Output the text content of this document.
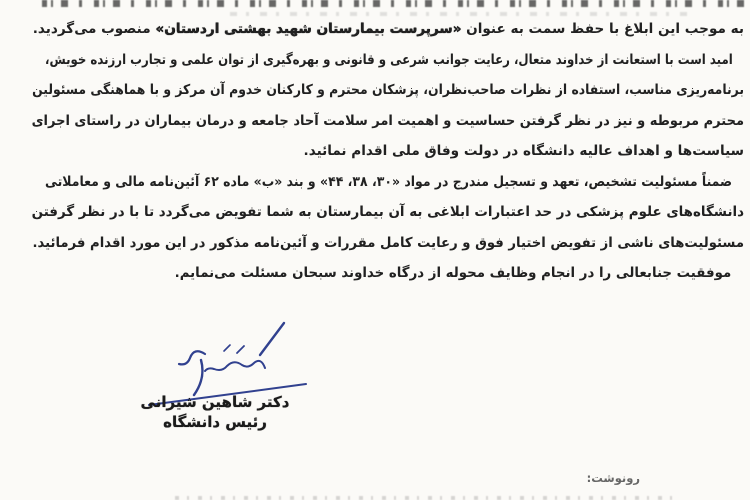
به موجب این ابلاغ با حفظ سمت به عنوان «سرپرست بیمارستان شهید بهشتی اردستان» منصوب می‌گردید.
امید است با استعانت از خداوند متعال، رعایت جوانب شرعی و قانونی و بهره‌گیری از توان علمی و تجارب ارزنده خویش،
برنامه‌ریزی مناسب، استفاده از نظرات صاحب‌نظران، پزشکان محترم و کارکنان خدوم آن مرکز و با هماهنگی مسئولین
محترم مربوطه و نیز در نظر گرفتن حساسیت و اهمیت امر سلامت آحاد جامعه و درمان بیماران در راستای اجرای
سیاست‌ها و اهداف عالیه دانشگاه در دولت وفاق ملی اقدام نمائید.
ضمناً مسئولیت تشخیص، تعهد و تسجیل مندرج در مواد «۳۰، ۳۸، ۴۴» و بند «ب» ماده ۶۲ آئین‌نامه مالی و معاملاتی
دانشگاه‌های علوم پزشکی در حد اعتبارات ابلاغی به آن بیمارستان به شما تفویض می‌گردد تا با در نظر گرفتن
مسئولیت‌های ناشی از تفویض اختیار فوق و رعایت کامل مقررات و آئین‌نامه مذکور در این مورد اقدام فرمائید.
موفقیت جنابعالی را در انجام وظایف محوله از درگاه خداوند سبحان مسئلت می‌نمایم.
دکتر شاهین شیرانی
رئیس دانشگاه
رونوشت:
